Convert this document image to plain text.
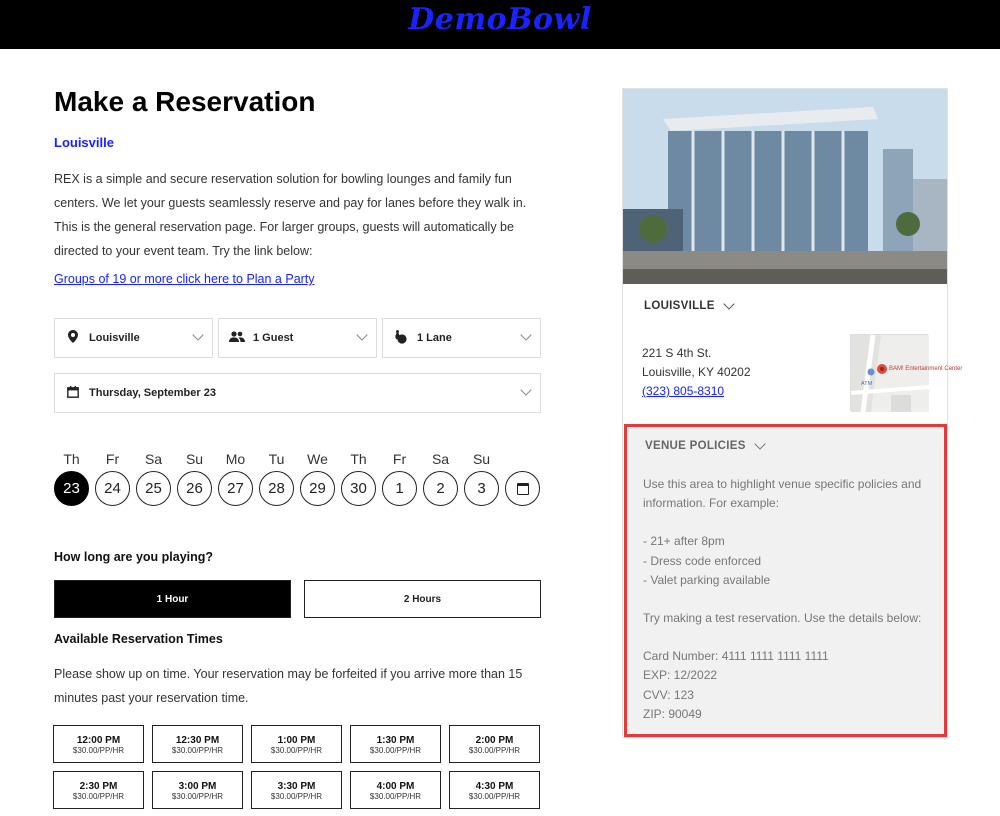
DemoBowl
Make a Reservation
Louisville

REX is a simple and secure reservation solution for bowling lounges and family fun centers. We let your guests seamlessly reserve and pay for lanes before they walk in. This is the general reservation page. For larger groups, guests will automatically be directed to your event team. Try the link below:

Groups of 19 or more click here to Plan a Party
Louisville	1 Guest	1 Lane
Thursday, September 23
Th
23
Fr
24
Sa
25
Su
26
Mo
27
Tu
28
We
29
Th
30
Fr
1
Sa
2
Su
3
How long are you playing?
1 Hour	2 Hours
Available Reservation Times

Please show up on time. Your reservation may be forfeited if you arrive more than 15 minutes past your reservation time.

12:00 PM
$30.00/PP/HR
12:30 PM
$30.00/PP/HR
1:00 PM
$30.00/PP/HR
1:30 PM
$30.00/PP/HR
2:00 PM
$30.00/PP/HR
2:30 PM
$30.00/PP/HR
3:00 PM
$30.00/PP/HR
3:30 PM
$30.00/PP/HR
4:00 PM
$30.00/PP/HR
4:30 PM
$30.00/PP/HR
LOUISVILLE
221 S 4th St.
Louisville, KY 40202
(323) 805-8310
BAM! Entertainment Center
ATM
VENUE POLICIES

Use this area to highlight venue specific policies and information. For example:

- 21+ after 8pm

- Dress code enforced

- Valet parking available

Try making a test reservation. Use the details below:

Card Number: 4111 1111 1111 1111

EXP: 12/2022

CVV: 123

ZIP: 90049
